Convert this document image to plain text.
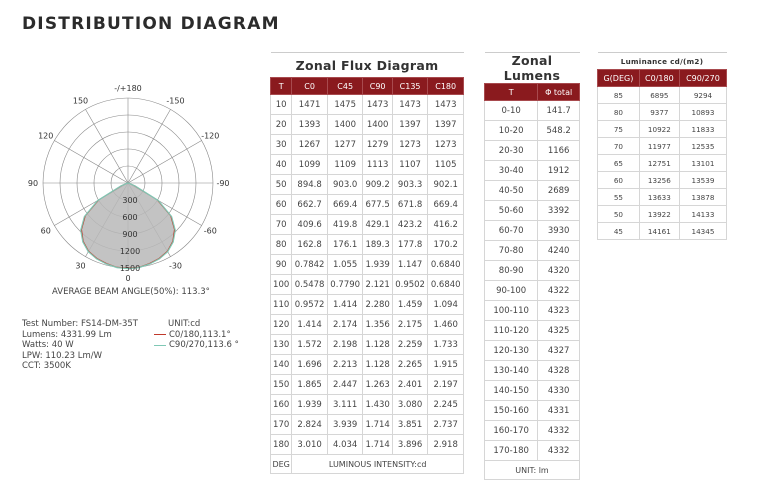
DISTRIBUTION DIAGRAM
300
600
900
1200
1500
-/+180
-150
150
-120
120
-90
90
-60
60
-30
30
0
AVERAGE BEAM ANGLE(50%): 113.3°
Test Number: FS14-DM-35T
Lumens: 4331.99 Lm
Watts: 40 W
LPW: 110.23 Lm/W
CCT: 3500K
UNIT:cd
C0/180,113.1°
C90/270,113.6 °
Zonal Flux Diagram					
T	C0	C45	C90	C135	C180
10	1471	1475	1473	1473	1473
20	1393	1400	1400	1397	1397
30	1267	1277	1279	1273	1273
40	1099	1109	1113	1107	1105
50	894.8	903.0	909.2	903.3	902.1
60	662.7	669.4	677.5	671.8	669.4
70	409.6	419.8	429.1	423.2	416.2
80	162.8	176.1	189.3	177.8	170.2
90	0.7842	1.055	1.939	1.147	0.6840
100	0.5478	0.7790	2.121	0.9502	0.6840
110	0.9572	1.414	2.280	1.459	1.094
120	1.414	2.174	1.356	2.175	1.460
130	1.572	2.198	1.128	2.259	1.733
140	1.696	2.213	1.128	2.265	1.915
150	1.865	2.447	1.263	2.401	2.197
160	1.939	3.111	1.430	3.080	2.245
170	2.824	3.939	1.714	3.851	2.737
180	3.010	4.034	1.714	3.896	2.918
DEG	LUMINOUS INTENSITY:cd				
Zonal Lumens	
T	Φ total
0-10	141.7
10-20	548.2
20-30	1166
30-40	1912
40-50	2689
50-60	3392
60-70	3930
70-80	4240
80-90	4320
90-100	4322
100-110	4323
110-120	4325
120-130	4327
130-140	4328
140-150	4330
150-160	4331
160-170	4332
170-180	4332
UNIT: lm	
Luminance cd/(m2)		
G(DEG)	C0/180	C90/270
85	6895	9294
80	9377	10893
75	10922	11833
70	11977	12535
65	12751	13101
60	13256	13539
55	13633	13878
50	13922	14133
45	14161	14345
